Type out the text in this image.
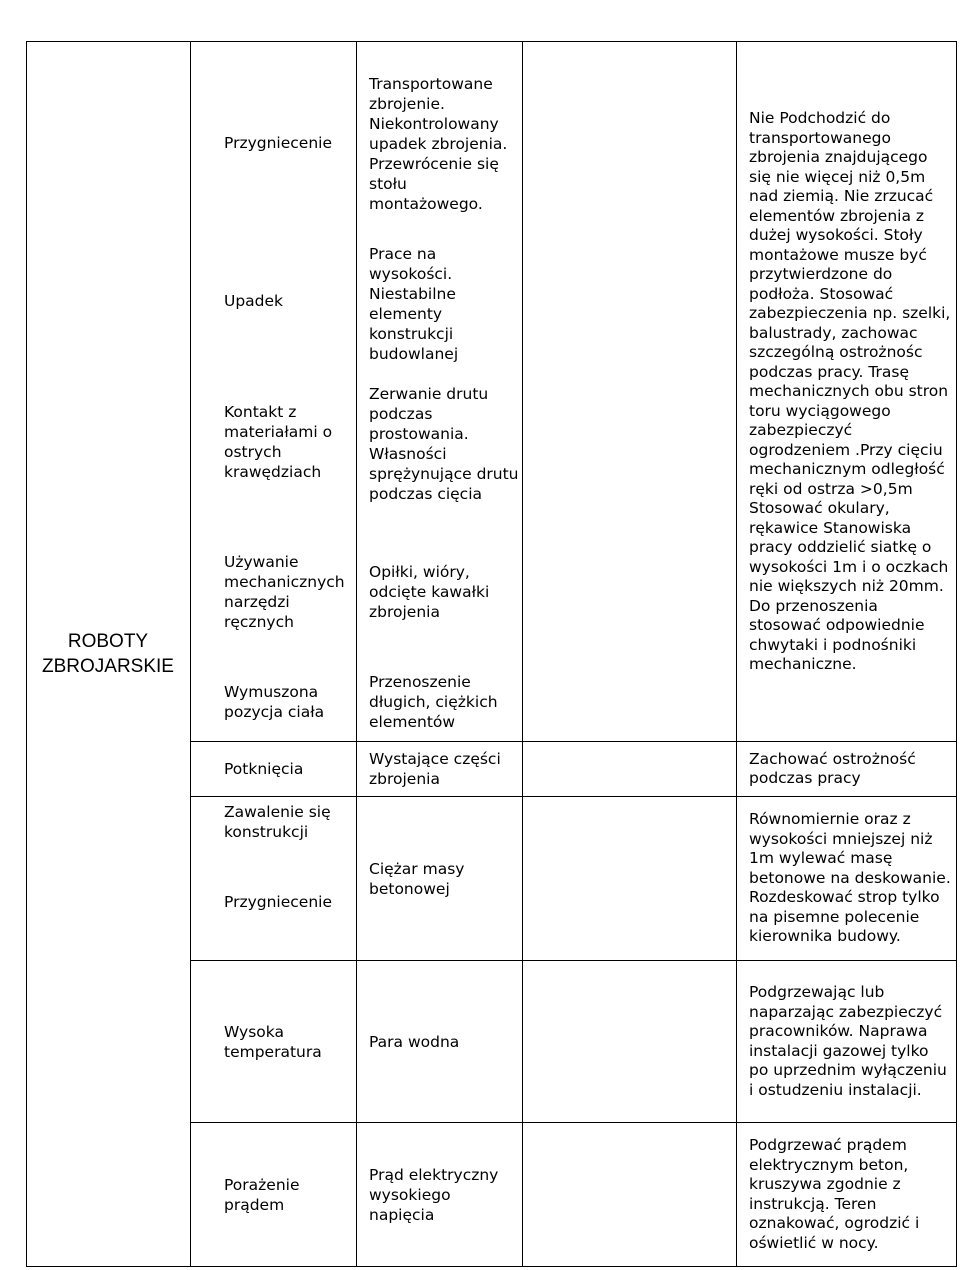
ROBOTY
ZBROJARSKIE
Przygniecenie
Upadek
Kontakt z materiałami o ostrych krawędziach
Używanie mechanicznych narzędzi ręcznych
Wymuszona pozycja ciała
Transportowane zbrojenie. Niekontrolowany upadek zbrojenia. Przewrócenie się stołu montażowego.
Prace na wysokości. Niestabilne elementy konstrukcji budowlanej
Zerwanie drutu podczas prostowania. Własności sprężynujące drutu podczas cięcia
Opiłki, wióry, odcięte kawałki zbrojenia
Przenoszenie długich, ciężkich elementów
Nie Podchodzić do transportowanego zbrojenia znajdującego się nie więcej niż 0,5m nad ziemią. Nie zrzucać elementów zbrojenia z dużej wysokości. Stoły montażowe musze być przytwierdzone do podłoża. Stosować zabezpieczenia np. szelki, balustrady, zachowac szczególną ostrożnośc podczas pracy. Trasę mechanicznych obu stron toru wyciągowego zabezpieczyć ogrodzeniem .Przy cięciu mechanicznym odległość ręki od ostrza >0,5m Stosować okulary, rękawice Stanowiska pracy oddzielić siatkę o wysokości 1m i o oczkach nie większych niż 20mm. Do przenoszenia stosować odpowiednie chwytaki i podnośniki mechaniczne.
Potknięcia
Wystające części zbrojenia
Zachować ostrożność podczas pracy
Zawalenie się konstrukcji
Przygniecenie
Ciężar masy betonowej
Równomiernie oraz z wysokości mniejszej niż 1m wylewać masę betonowe na deskowanie. Rozdeskować strop tylko na pisemne polecenie kierownika budowy.
Wysoka temperatura
Para wodna
Podgrzewając lub naparzając zabezpieczyć pracowników. Naprawa instalacji gazowej tylko po uprzednim wyłączeniu i ostudzeniu instalacji.
Porażenie prądem
Prąd elektryczny wysokiego napięcia
Podgrzewać prądem elektrycznym beton, kruszywa zgodnie z instrukcją. Teren oznakować, ogrodzić i oświetlić w nocy.
